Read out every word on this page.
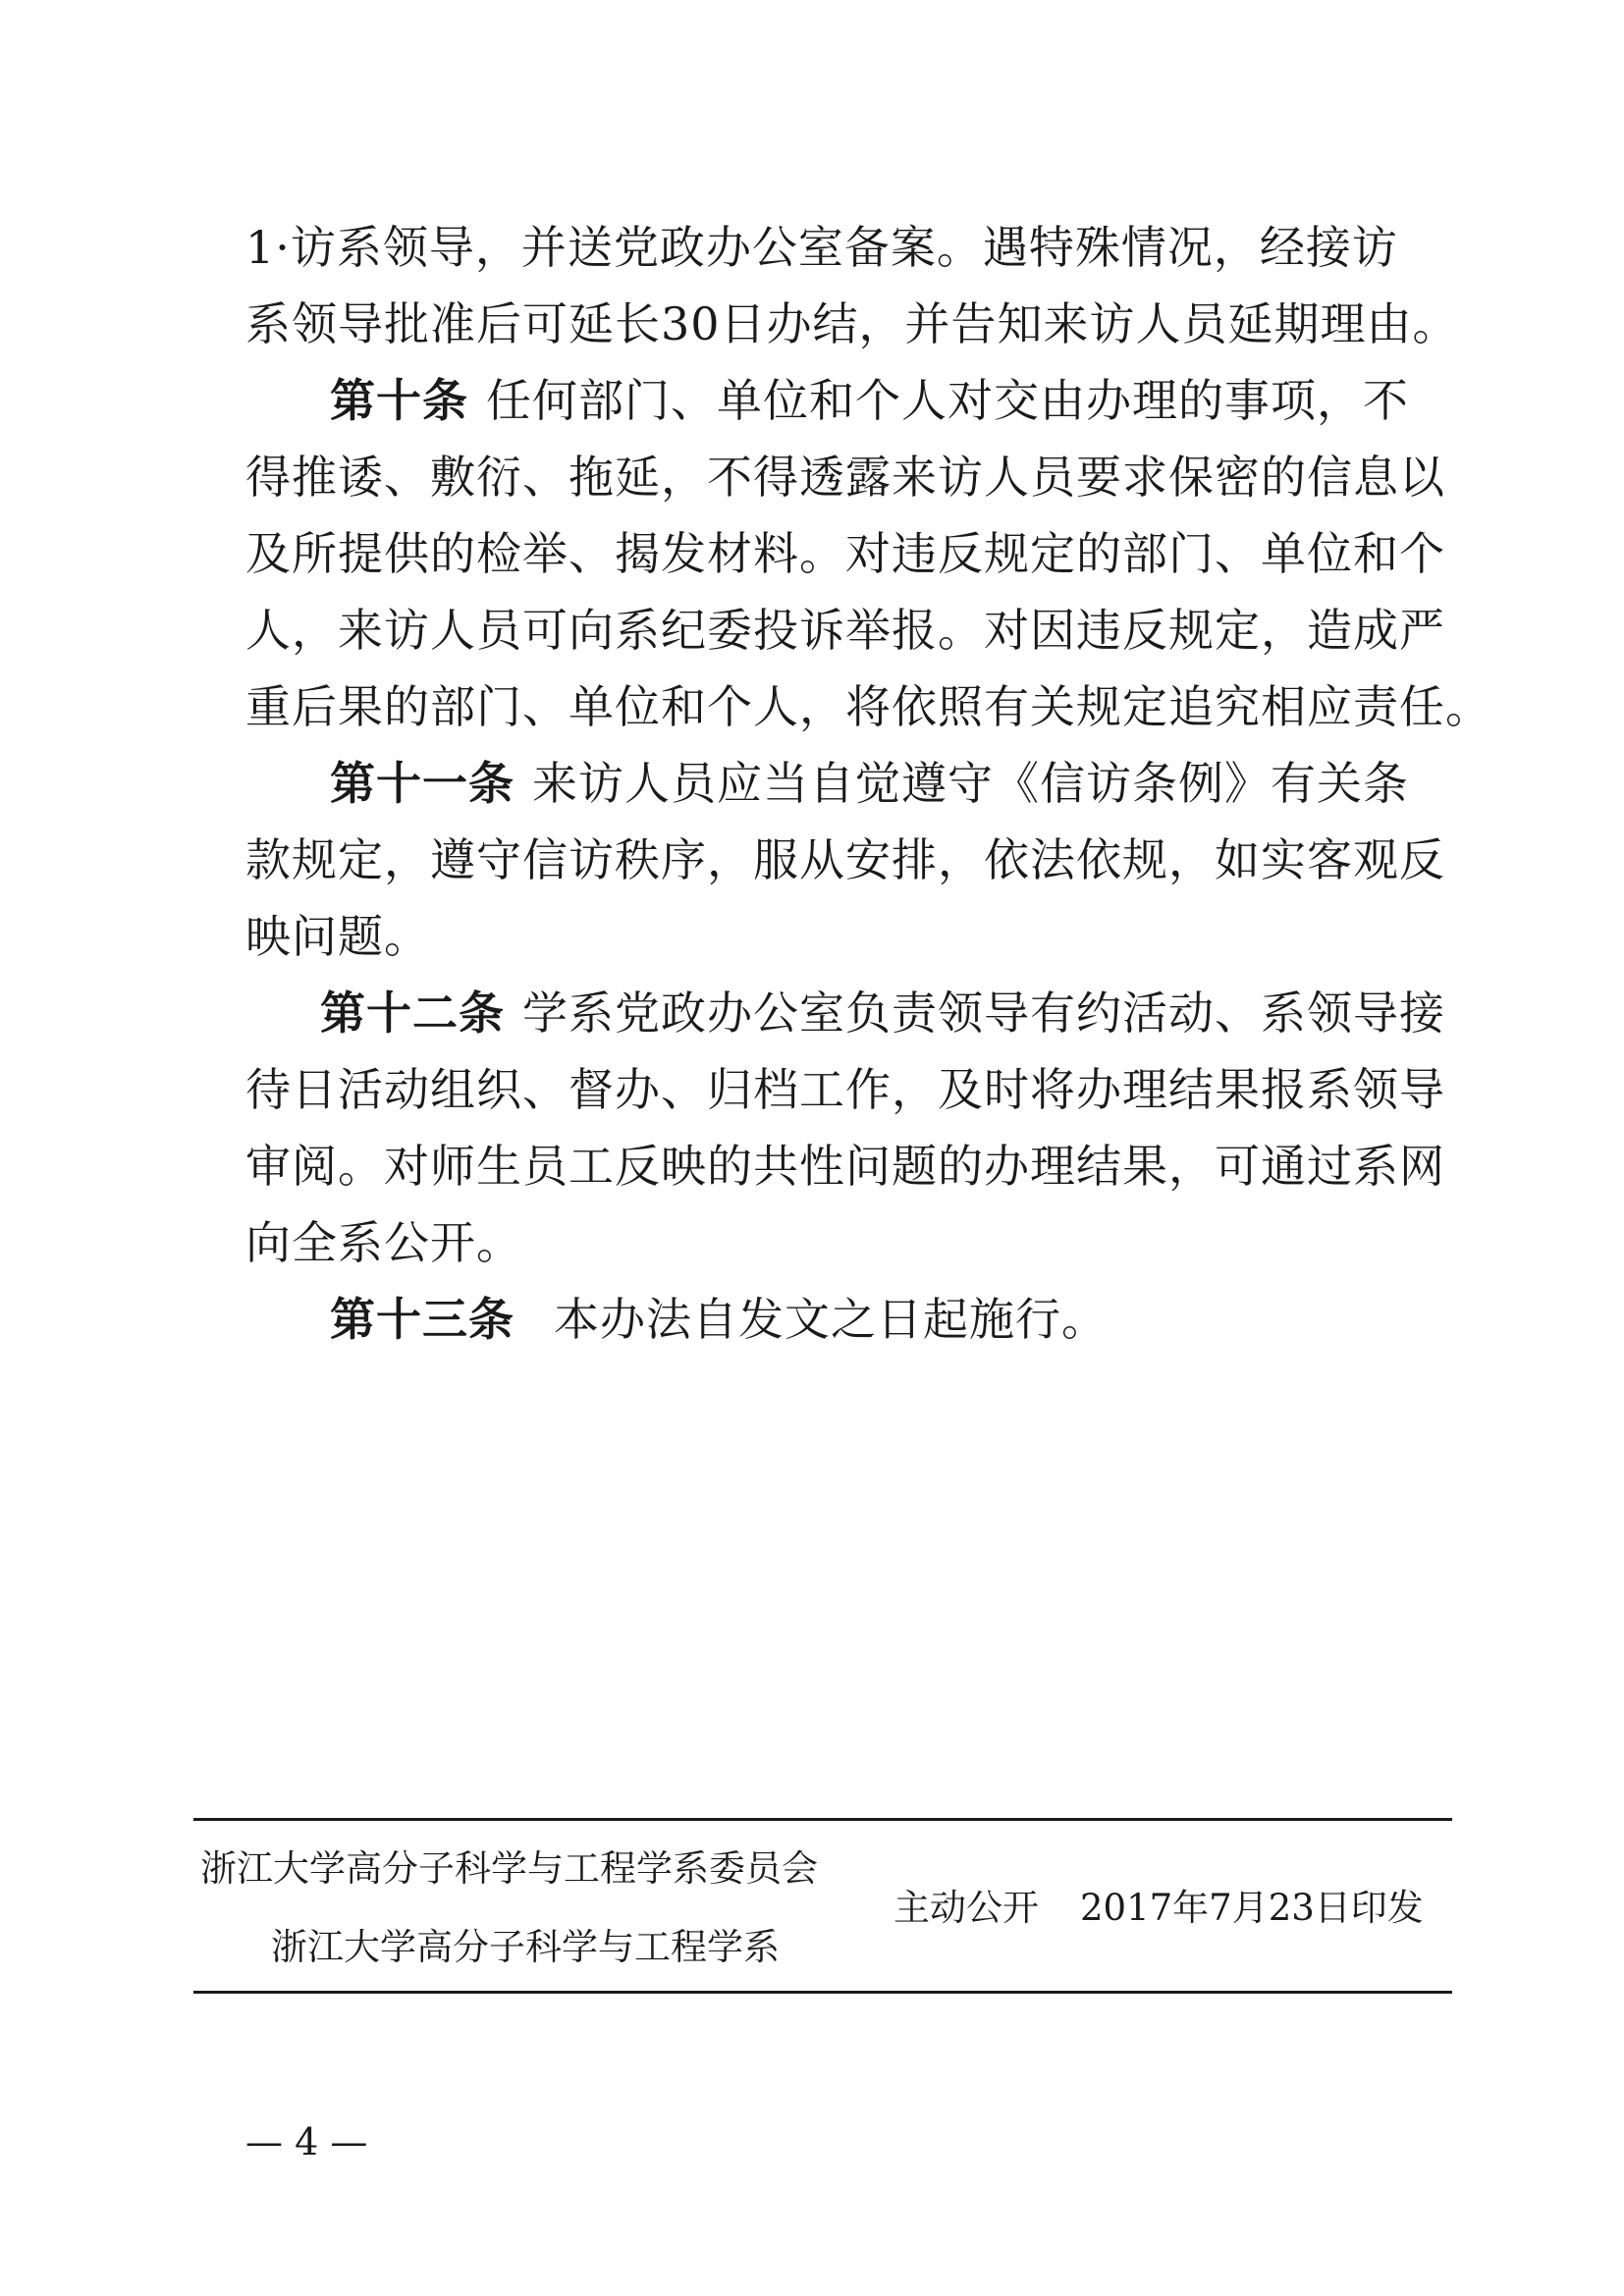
1·访系领导，并送党政办公室备案。遇特殊情况，经接访
系领导批准后可延长30日办结，并告知来访人员延期理由。
第十条 任何部门、单位和个人对交由办理的事项，不
得推诿、敷衍、拖延，不得透露来访人员要求保密的信息以
及所提供的检举、揭发材料。对违反规定的部门、单位和个
人，来访人员可向系纪委投诉举报。对因违反规定，造成严
重后果的部门、单位和个人，将依照有关规定追究相应责任。
第十一条 来访人员应当自觉遵守《信访条例》有关条
款规定，遵守信访秩序，服从安排，依法依规，如实客观反
映问题。
第十二条 学系党政办公室负责领导有约活动、系领导接
待日活动组织、督办、归档工作，及时将办理结果报系领导
审阅。对师生员工反映的共性问题的办理结果，可通过系网
向全系公开。
第十三条 本办法自发文之日起施行。
浙江大学高分子科学与工程学系委员会
主动公开 2017年7月23日印发
浙江大学高分子科学与工程学系
— 4 —
